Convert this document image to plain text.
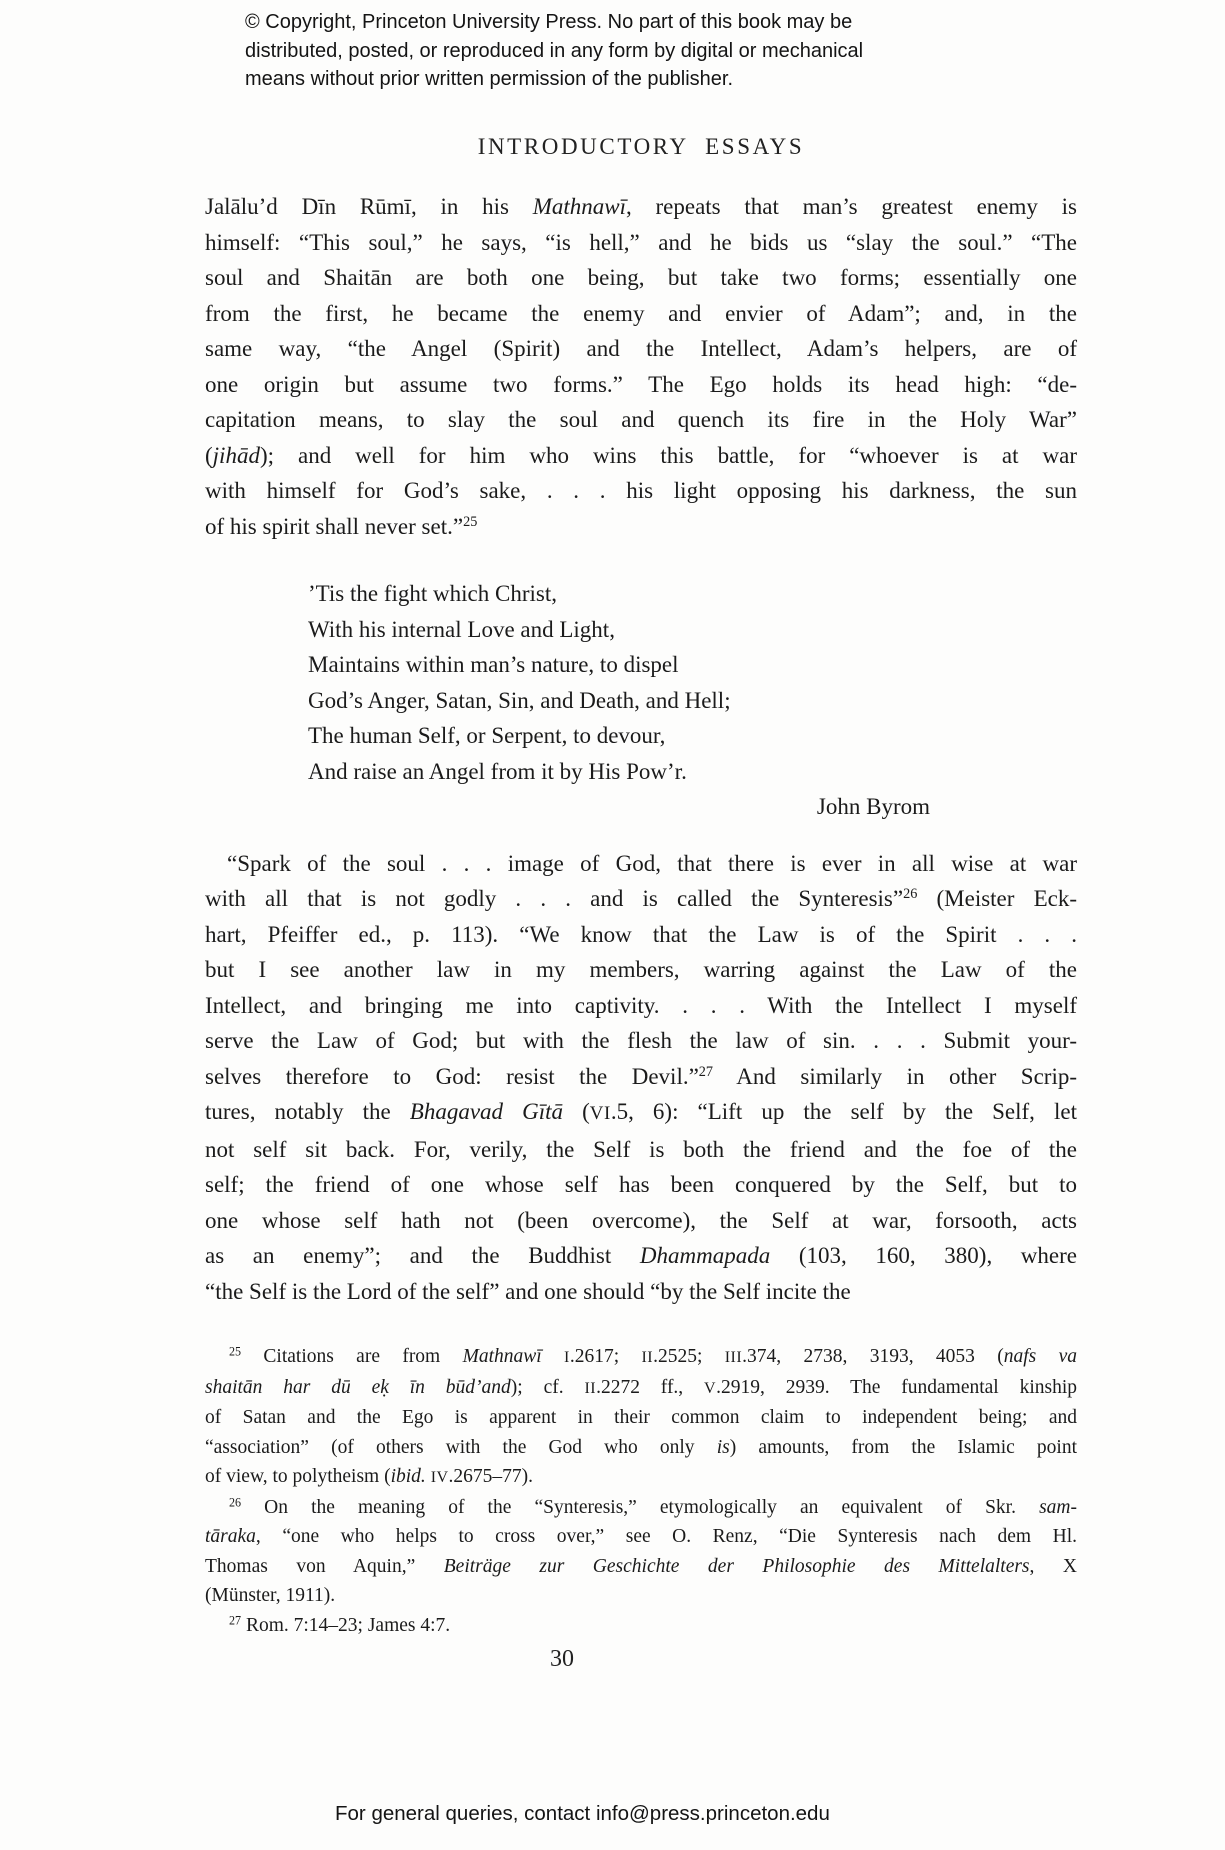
© Copyright, Princeton University Press. No part of this book may be
distributed, posted, or reproduced in any form by digital or mechanical
means without prior written permission of the publisher.
INTRODUCTORY ESSAYS
Jalālu’d Dīn Rūmī, in his Mathnawī, repeats that man’s greatest enemy is
himself: “This soul,” he says, “is hell,” and he bids us “slay the soul.” “The
soul and Shaitān are both one being, but take two forms; essentially one
from the first, he became the enemy and envier of Adam”; and, in the
same way, “the Angel (Spirit) and the Intellect, Adam’s helpers, are of
one origin but assume two forms.” The Ego holds its head high: “de-
capitation means, to slay the soul and quench its fire in the Holy War”
(jihād); and well for him who wins this battle, for “whoever is at war
with himself for God’s sake, . . . his light opposing his darkness, the sun
of his spirit shall never set.”$^{25}$
’Tis the fight which Christ,
With his internal Love and Light,
Maintains within man’s nature, to dispel
God’s Anger, Satan, Sin, and Death, and Hell;
The human Self, or Serpent, to devour,
And raise an Angel from it by His Pow’r.
John Byrom
“Spark of the soul . . . image of God, that there is ever in all wise at war
with all that is not godly . . . and is called the Synteresis”$^{26}$ (Meister Eck-
hart, Pfeiffer ed., p. 113). “We know that the Law is of the Spirit . . .
but I see another law in my members, warring against the Law of the
Intellect, and bringing me into captivity. . . . With the Intellect I myself
serve the Law of God; but with the flesh the law of sin. . . . Submit your-
selves therefore to God: resist the Devil.”$^{27}$ And similarly in other Scrip-
tures, notably the Bhagavad Gītā (VI.5, 6): “Lift up the self by the Self, let
not self sit back. For, verily, the Self is both the friend and the foe of the
self; the friend of one whose self has been conquered by the Self, but to
one whose self hath not (been overcome), the Self at war, forsooth, acts
as an enemy”; and the Buddhist Dhammapada (103, 160, 380), where
“the Self is the Lord of the self” and one should “by the Self incite the
$^{25}$ Citations are from Mathnawī I.2617; II.2525; III.374, 2738, 3193, 4053 (nafs va
shaitān har dū eḳ īn būd’and); cf. II.2272 ff., V.2919, 2939. The fundamental kinship
of Satan and the Ego is apparent in their common claim to independent being; and
“association” (of others with the God who only is) amounts, from the Islamic point
of view, to polytheism (ibid. IV.2675–77).
$^{26}$ On the meaning of the “Synteresis,” etymologically an equivalent of Skr. sam-
tāraka, “one who helps to cross over,” see O. Renz, “Die Synteresis nach dem Hl.
Thomas von Aquin,” Beiträge zur Geschichte der Philosophie des Mittelalters, X
(Münster, 1911).
$^{27}$ Rom. 7:14–23; James 4:7.
30
For general queries, contact info@press.princeton.edu
